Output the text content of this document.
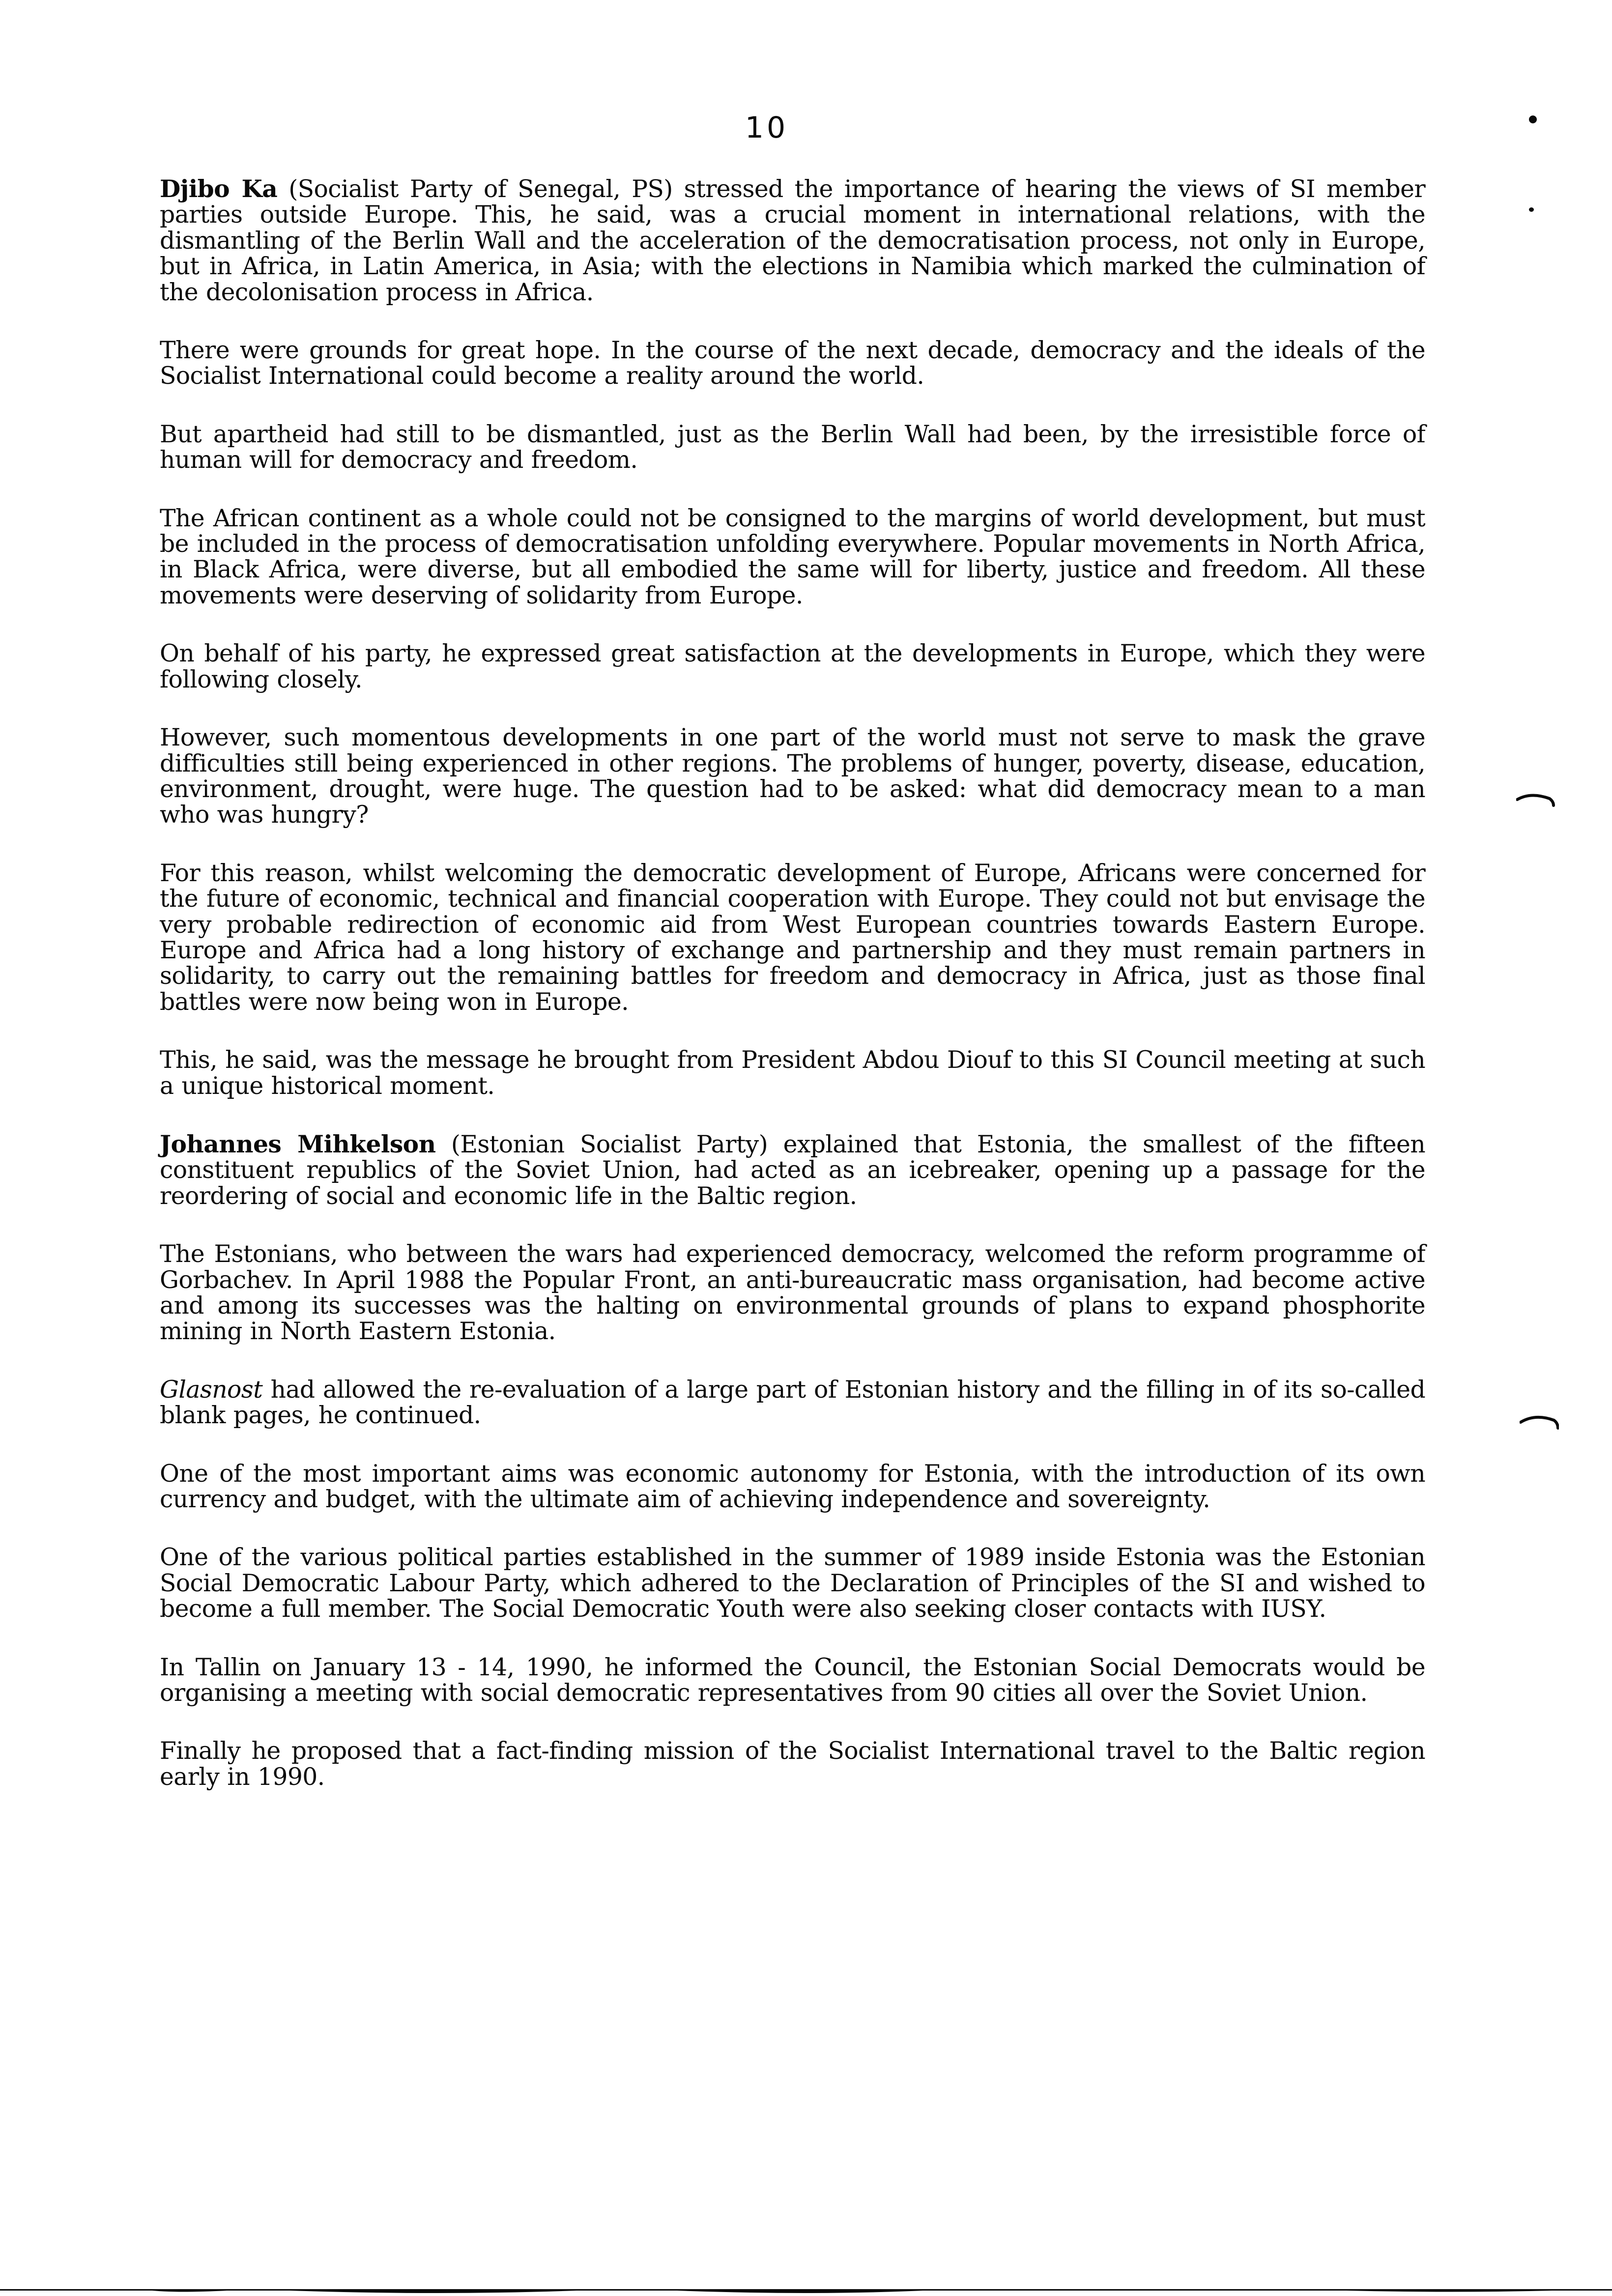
10

Djibo Ka (Socialist Party of Senegal, PS) stressed the importance of hearing the views of SI member parties outside Europe. This, he said, was a crucial moment in international relations, with the dismantling of the Berlin Wall and the acceleration of the democratisation process, not only in Europe, but in Africa, in Latin America, in Asia; with the elections in Namibia which marked the culmination of the decolonisation process in Africa.

There were grounds for great hope. In the course of the next decade, democracy and the ideals of the Socialist International could become a reality around the world.

But apartheid had still to be dismantled, just as the Berlin Wall had been, by the irresistible force of human will for democracy and freedom.

The African continent as a whole could not be consigned to the margins of world development, but must be included in the process of democratisation unfolding everywhere. Popular movements in North Africa, in Black Africa, were diverse, but all embodied the same will for liberty, justice and freedom. All these movements were deserving of solidarity from Europe.

On behalf of his party, he expressed great satisfaction at the developments in Europe, which they were following closely.

However, such momentous developments in one part of the world must not serve to mask the grave difficulties still being experienced in other regions. The problems of hunger, poverty, disease, education, environment, drought, were huge. The question had to be asked: what did democracy mean to a man who was hungry?

For this reason, whilst welcoming the democratic development of Europe, Africans were concerned for the future of economic, technical and financial cooperation with Europe. They could not but envisage the very probable redirection of economic aid from West European countries towards Eastern Europe. Europe and Africa had a long history of exchange and partnership and they must remain partners in solidarity, to carry out the remaining battles for freedom and democracy in Africa, just as those final battles were now being won in Europe.

This, he said, was the message he brought from President Abdou Diouf to this SI Council meeting at such a unique historical moment.

Johannes Mihkelson (Estonian Socialist Party) explained that Estonia, the smallest of the fifteen constituent republics of the Soviet Union, had acted as an icebreaker, opening up a passage for the reordering of social and economic life in the Baltic region.

The Estonians, who between the wars had experienced democracy, welcomed the reform programme of Gorbachev. In April 1988 the Popular Front, an anti-bureaucratic mass organisation, had become active and among its successes was the halting on environmental grounds of plans to expand phosphorite mining in North Eastern Estonia.

Glasnost had allowed the re-evaluation of a large part of Estonian history and the filling in of its so-called blank pages, he continued.

One of the most important aims was economic autonomy for Estonia, with the introduction of its own currency and budget, with the ultimate aim of achieving independence and sovereignty.

One of the various political parties established in the summer of 1989 inside Estonia was the Estonian Social Democratic Labour Party, which adhered to the Declaration of Principles of the SI and wished to become a full member. The Social Democratic Youth were also seeking closer contacts with IUSY.

In Tallin on January 13 - 14, 1990, he informed the Council, the Estonian Social Democrats would be organising a meeting with social democratic representatives from 90 cities all over the Soviet Union.

Finally he proposed that a fact-finding mission of the Socialist International travel to the Baltic region early in 1990.
